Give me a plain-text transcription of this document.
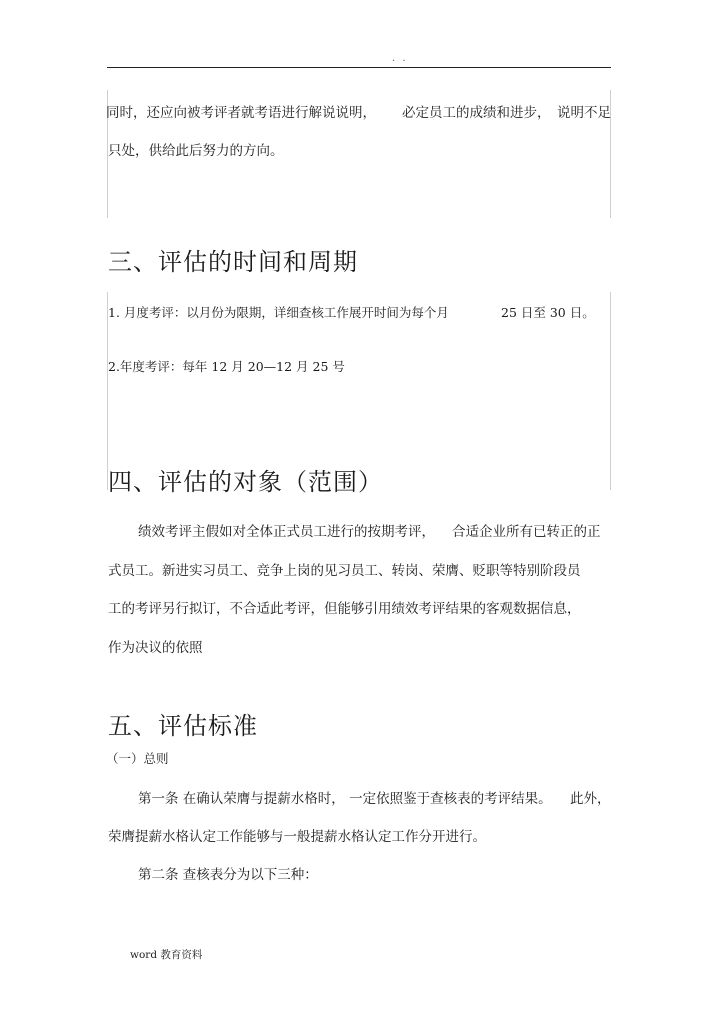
. .
同时，还应向被考评者就考语进行解说说明， 必定员工的成绩和进步， 说明不足
只处，供给此后努力的方向。
三、评估的时间和周期
1. 月度考评：以月份为限期，详细查核工作展开时间为每个月	25 日至 30 日。
2.年度考评：每年 12 月 20—12 月 25 号
四、评估的对象（范围）
绩效考评主假如对全体正式员工进行的按期考评， 合适企业所有已转正的正
式员工。新进实习员工、竞争上岗的见习员工、转岗、荣膺、贬职等特别阶段员
工的考评另行拟订，不合适此考评，但能够引用绩效考评结果的客观数据信息，
作为决议的依照
五、评估标准
（一）总则
第一条 在确认荣膺与提薪水格时， 一定依照鉴于查核表的考评结果。 此外，
荣膺提薪水格认定工作能够与一般提薪水格认定工作分开进行。
第二条 查核表分为以下三种：
word 教育资料
